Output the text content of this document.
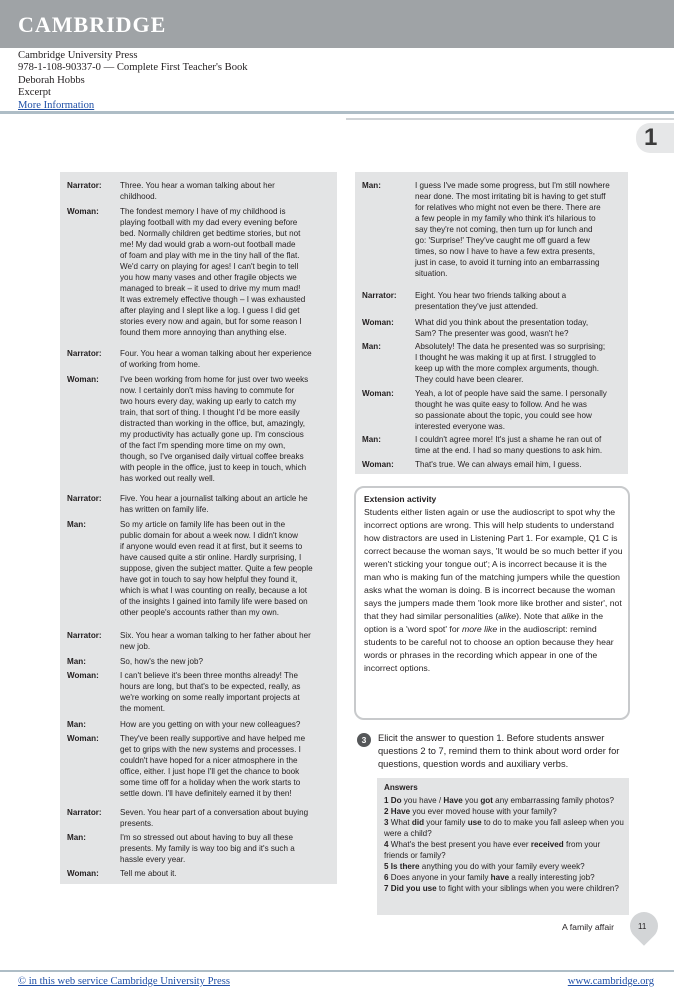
CAMBRIDGE
Cambridge University Press
978-1-108-90337-0 — Complete First Teacher's Book
Deborah Hobbs
Excerpt
More Information
1
Narrator:	Three. You hear a woman talking about her
childhood.
Woman:	The fondest memory I have of my childhood is
playing football with my dad every evening before
bed. Normally children get bedtime stories, but not
me! My dad would grab a worn-out football made
of foam and play with me in the tiny hall of the flat.
We'd carry on playing for ages! I can't begin to tell
you how many vases and other fragile objects we
managed to break – it used to drive my mum mad!
It was extremely effective though – I was exhausted
after playing and I slept like a log. I guess I did get
stories every now and again, but for some reason I
found them more annoying than anything else.
Narrator:	Four. You hear a woman talking about her experience
of working from home.
Woman:	I've been working from home for just over two weeks
now. I certainly don't miss having to commute for
two hours every day, waking up early to catch my
train, that sort of thing. I thought I'd be more easily
distracted than working in the office, but, amazingly,
my productivity has actually gone up. I'm conscious
of the fact I'm spending more time on my own,
though, so I've organised daily virtual coffee breaks
with people in the office, just to keep in touch, which
has worked out really well.
Narrator:	Five. You hear a journalist talking about an article he
has written on family life.
Man:	So my article on family life has been out in the
public domain for about a week now. I didn't know
if anyone would even read it at first, but it seems to
have caused quite a stir online. Hardly surprising, I
suppose, given the subject matter. Quite a few people
have got in touch to say how helpful they found it,
which is what I was counting on really, because a lot
of the insights I gained into family life were based on
other people's accounts rather than my own.
Narrator:	Six. You hear a woman talking to her father about her
new job.
Man:	So, how's the new job?
Woman:	I can't believe it's been three months already! The
hours are long, but that's to be expected, really, as
we're working on some really important projects at
the moment.
Man:	How are you getting on with your new colleagues?
Woman:	They've been really supportive and have helped me
get to grips with the new systems and processes. I
couldn't have hoped for a nicer atmosphere in the
office, either. I just hope I'll get the chance to book
some time off for a holiday when the work starts to
settle down. I'll have definitely earned it by then!
Narrator:	Seven. You hear part of a conversation about buying
presents.
Man:	I'm so stressed out about having to buy all these
presents. My family is way too big and it's such a
hassle every year.
Woman:	Tell me about it.
Man:	I guess I've made some progress, but I'm still nowhere
near done. The most irritating bit is having to get stuff
for relatives who might not even be there. There are
a few people in my family who think it's hilarious to
say they're not coming, then turn up for lunch and
go: 'Surprise!' They've caught me off guard a few
times, so now I have to have a few extra presents,
just in case, to avoid it turning into an embarrassing
situation.
Narrator:	Eight. You hear two friends talking about a
presentation they've just attended.
Woman:	What did you think about the presentation today,
Sam? The presenter was good, wasn't he?
Man:	Absolutely! The data he presented was so surprising;
I thought he was making it up at first. I struggled to
keep up with the more complex arguments, though.
They could have been clearer.
Woman:	Yeah, a lot of people have said the same. I personally
thought he was quite easy to follow. And he was
so passionate about the topic, you could see how
interested everyone was.
Man:	I couldn't agree more! It's just a shame he ran out of
time at the end. I had so many questions to ask him.
Woman:	That's true. We can always email him, I guess.
Extension activity
Students either listen again or use the audioscript to spot why the incorrect options are wrong. This will help students to understand how distractors are used in Listening Part 1. For example, Q1 C is correct because the woman says, 'It would be so much better if you weren't sticking your tongue out'; A is incorrect because it is the man who is making fun of the matching jumpers while the question asks what the woman is doing. B is incorrect because the woman says the jumpers made them 'look more like brother and sister', not that they had similar personalities (alike). Note that alike in the option is a 'word spot' for more like in the audioscript: remind students to be careful not to choose an option because they hear words or phrases in the recording which appear in one of the incorrect options.
3	Elicit the answer to question 1. Before students answer questions 2 to 7, remind them to think about word order for questions, question words and auxiliary verbs.
Answers
1 Do you have / Have you got any embarrassing family photos?
2 Have you ever moved house with your family?
3 What did your family use to do to make you fall asleep when you were a child?
4 What's the best present you have ever received from your friends or family?
5 Is there anything you do with your family every week?
6 Does anyone in your family have a really interesting job?
7 Did you use to fight with your siblings when you were children?
A family affair	11
© in this web service Cambridge University Press	www.cambridge.org
